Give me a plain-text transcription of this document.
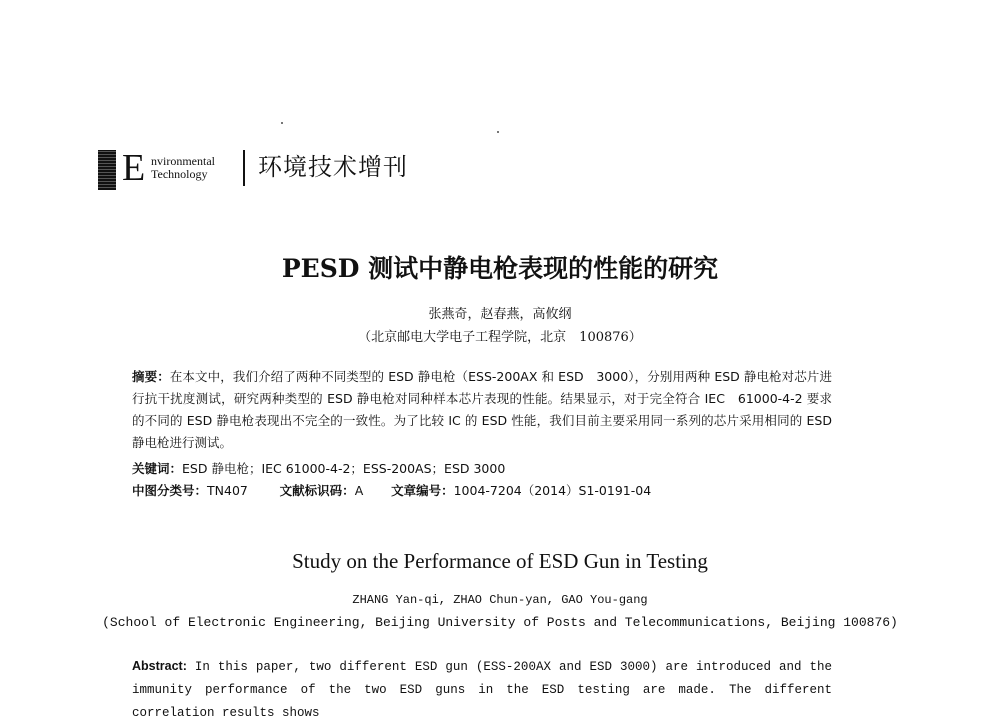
E nvironmental
Technology	环境技术增刊
PESD 测试中静电枪表现的性能的研究
张燕奇，赵春燕，高攸纲
（北京邮电大学电子工程学院，北京　100876）
摘要：在本文中，我们介绍了两种不同类型的 ESD 静电枪（ESS-200AX 和 ESD　3000），分别用两种 ESD 静电枪对芯片进行抗干扰度测试，研究两种类型的 ESD 静电枪对同种样本芯片表现的性能。结果显示，对于完全符合 IEC　61000-4-2 要求的不同的 ESD 静电枪表现出不完全的一致性。为了比较 IC 的 ESD 性能，我们目前主要采用同一系列的芯片采用相同的 ESD 静电枪进行测试。
关键词：ESD 静电枪；IEC 61000-4-2；ESS-200AS；ESD 3000
中图分类号：TN407	文献标识码：A 文章编号：1004-7204（2014）S1-0191-04
Study on the Performance of ESD Gun in Testing
ZHANG Yan-qi, ZHAO Chun-yan, GAO You-gang
(School of Electronic Engineering, Beijing University of Posts and Telecommunications, Beijing 100876)
Abstract: In this paper, two different ESD gun (ESS-200AX and ESD 3000) are introduced and the immunity performance of the two ESD guns in the ESD testing are made. The different correlation results shows
